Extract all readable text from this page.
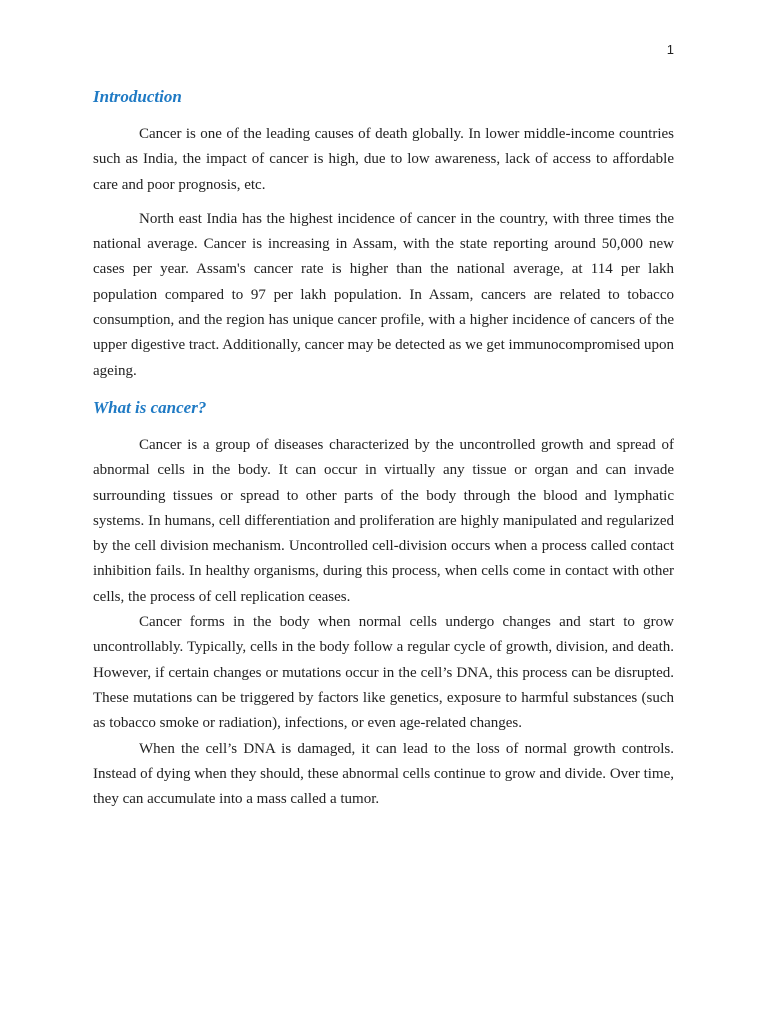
1
Introduction

Cancer is one of the leading causes of death globally. In lower middle-income countries such as India, the impact of cancer is high, due to low awareness, lack of access to affordable care and poor prognosis, etc.

North east India has the highest incidence of cancer in the country, with three times the national average. Cancer is increasing in Assam, with the state reporting around 50,000 new cases per year. Assam's cancer rate is higher than the national average, at 114 per lakh population compared to 97 per lakh population. In Assam, cancers are related to tobacco consumption, and the region has unique cancer profile, with a higher incidence of cancers of the upper digestive tract. Additionally, cancer may be detected as we get immunocompromised upon ageing.

What is cancer?

Cancer is a group of diseases characterized by the uncontrolled growth and spread of abnormal cells in the body. It can occur in virtually any tissue or organ and can invade surrounding tissues or spread to other parts of the body through the blood and lymphatic systems. In humans, cell differentiation and proliferation are highly manipulated and regularized by the cell division mechanism. Uncontrolled cell-division occurs when a process called contact inhibition fails. In healthy organisms, during this process, when cells come in contact with other cells, the process of cell replication ceases.

Cancer forms in the body when normal cells undergo changes and start to grow uncontrollably. Typically, cells in the body follow a regular cycle of growth, division, and death. However, if certain changes or mutations occur in the cell’s DNA, this process can be disrupted. These mutations can be triggered by factors like genetics, exposure to harmful substances (such as tobacco smoke or radiation), infections, or even age-related changes.

When the cell’s DNA is damaged, it can lead to the loss of normal growth controls. Instead of dying when they should, these abnormal cells continue to grow and divide. Over time, they can accumulate into a mass called a tumor.
